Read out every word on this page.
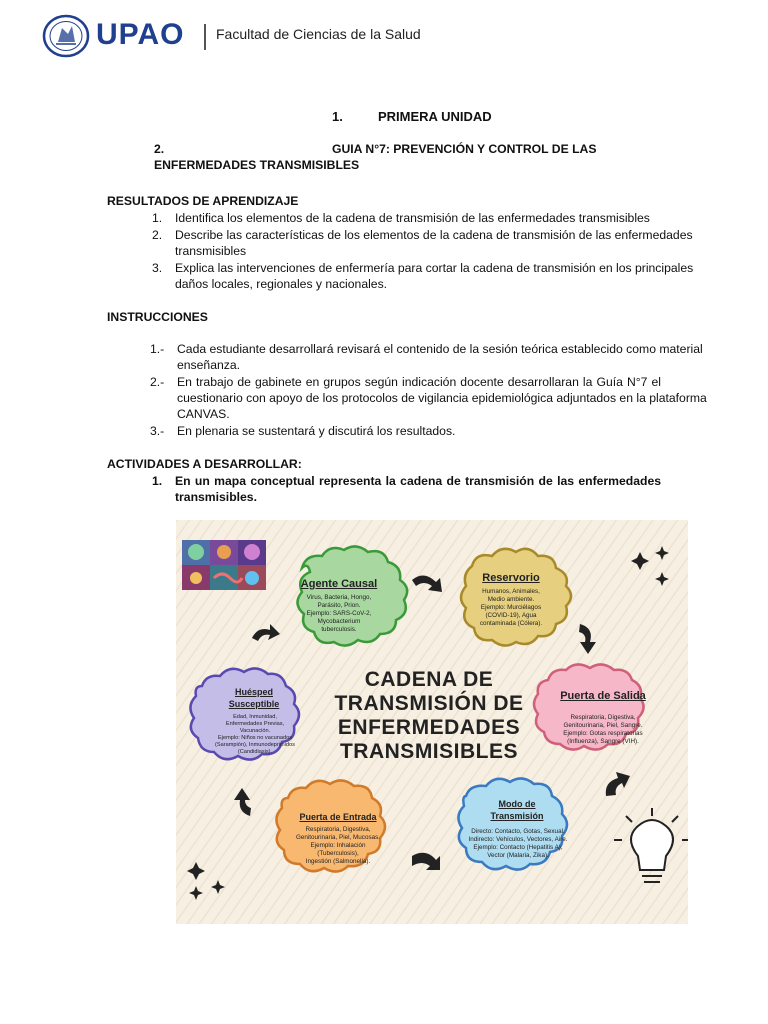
UPAO Facultad de Ciencias de la Salud
1.	PRIMERA UNIDAD
2.	GUIA N°7: PREVENCIÓN Y CONTROL DE LAS
ENFERMEDADES TRANSMISIBLES
RESULTADOS DE APRENDIZAJE
1. Identifica los elementos de la cadena de transmisión de las enfermedades transmisibles
2. Describe las características de los elementos de la cadena de transmisión de las enfermedades
transmisibles
3. Explica las intervenciones de enfermería para cortar la cadena de transmisión en los principales
daños locales, regionales y nacionales.
INSTRUCCIONES
1.- Cada estudiante desarrollará revisará el contenido de la sesión teórica establecido como material
enseñanza.
2.- En trabajo de gabinete en grupos según indicación docente desarrollaran la Guía N°7 el
cuestionario con apoyo de los protocolos de vigilancia epidemiológica adjuntados en la plataforma
CANVAS.
3.- En plenaria se sustentará y discutirá los resultados.
ACTIVIDADES A DESARROLLAR:
1. En un mapa conceptual representa la cadena de transmisión de las enfermedades
transmisibles.
Agente Causal
Virus, Bacteria, Hongo,
Parásito, Prion.
Ejemplo: SARS-CoV-2,
Mycobacterium
tuberculosis.
Reservorio
Humanos, Animales,
Medio ambiente.
Ejemplo: Murciélagos
(COVID-19), Agua
contaminada (Cólera).
Puerta de Salida
Respiratoria, Digestiva,
Genitourinaria, Piel, Sangre.
Ejemplo: Gotas respiratorias
(Influenza), Sangre (VIH).
Modo de Transmisión
Directo: Contacto, Gotas, Sexual.
Indirecto: Vehículos, Vectores, Aire.
Ejemplo: Contacto (Hepatitis A),
Vector (Malaria, Zika).
Puerta de Entrada
Respiratoria, Digestiva,
Genitourinaria, Piel, Mucosas.
Ejemplo: Inhalación
(Tuberculosis),
Ingestión (Salmonella).
Huésped Susceptible
Edad, Inmunidad,
Enfermedades Previas,
Vacunación.
Ejemplo: Niños no vacunados
(Sarampión), Inmunodeprimidos
(Candidiasis).
CADENA DE
TRANSMISIÓN DE
ENFERMEDADES
TRANSMISIBLES
